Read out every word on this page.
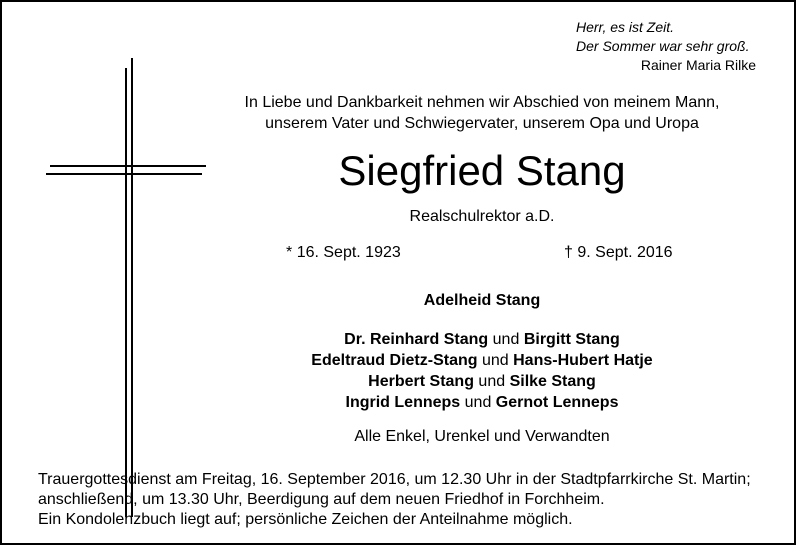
Herr, es ist Zeit.
Der Sommer war sehr groß.
Rainer Maria Rilke
In Liebe und Dankbarkeit nehmen wir Abschied von meinem Mann,
unserem Vater und Schwiegervater, unserem Opa und Uropa
Siegfried Stang
Realschulrektor a.D.
* 16. Sept. 1923	† 9. Sept. 2016
Adelheid Stang
Dr. Reinhard Stang und Birgitt Stang
Edeltraud Dietz-Stang und Hans-Hubert Hatje
Herbert Stang und Silke Stang
Ingrid Lenneps und Gernot Lenneps
Alle Enkel, Urenkel und Verwandten
Trauergottesdienst am Freitag, 16. September 2016, um 12.30 Uhr in der Stadtpfarrkirche St. Martin;
anschließend, um 13.30 Uhr, Beerdigung auf dem neuen Friedhof in Forchheim.
Ein Kondolenzbuch liegt auf; persönliche Zeichen der Anteilnahme möglich.
